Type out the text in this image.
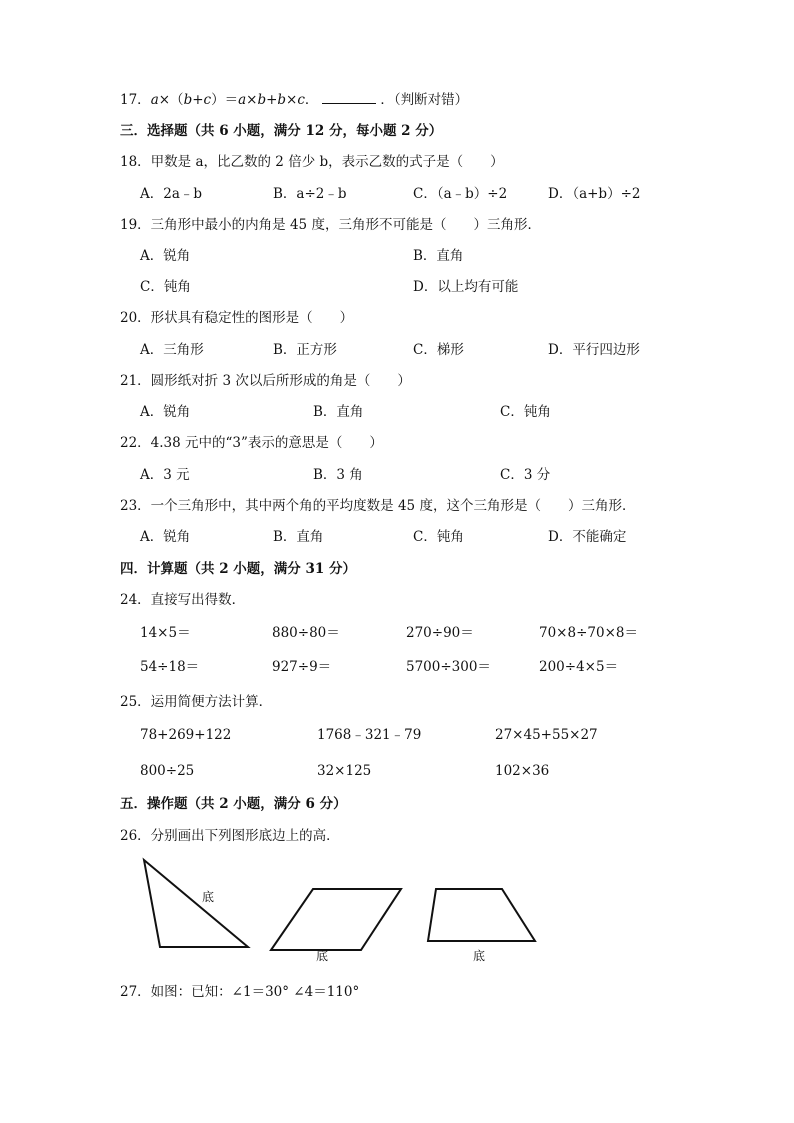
17．a×（b+c）＝a×b+b×c．	．（判断对错）
三．选择题（共 6 小题，满分 12 分，每小题 2 分）
18．甲数是 a，比乙数的 2 倍少 b，表示乙数的式子是（　　）
A．2a﹣b	B．a÷2﹣b	C．（a﹣b）÷2	D．（a+b）÷2
19．三角形中最小的内角是 45 度，三角形不可能是（　　）三角形．
A．锐角	B．直角
C．钝角	D．以上均有可能
20．形状具有稳定性的图形是（　　）
A．三角形	B．正方形	C．梯形	D．平行四边形
21．圆形纸对折 3 次以后所形成的角是（　　）
A．锐角	B．直角	C．钝角
22．4.38 元中的“3”表示的意思是（　　）
A．3 元	B．3 角	C．3 分
23．一个三角形中，其中两个角的平均度数是 45 度，这个三角形是（　　）三角形．
A．锐角	B．直角	C．钝角	D．不能确定
四．计算题（共 2 小题，满分 31 分）
24．直接写出得数．
14×5＝	880÷80＝	270÷90＝	70×8÷70×8＝
54÷18＝	927÷9＝	5700÷300＝	200÷4×5＝
25．运用简便方法计算．
78+269+122	1768﹣321﹣79	27×45+55×27
800÷25	32×125	102×36
五．操作题（共 2 小题，满分 6 分）
26．分别画出下列图形底边上的高．
底
底	底
27．如图：已知：∠1＝30° ∠4＝110°
